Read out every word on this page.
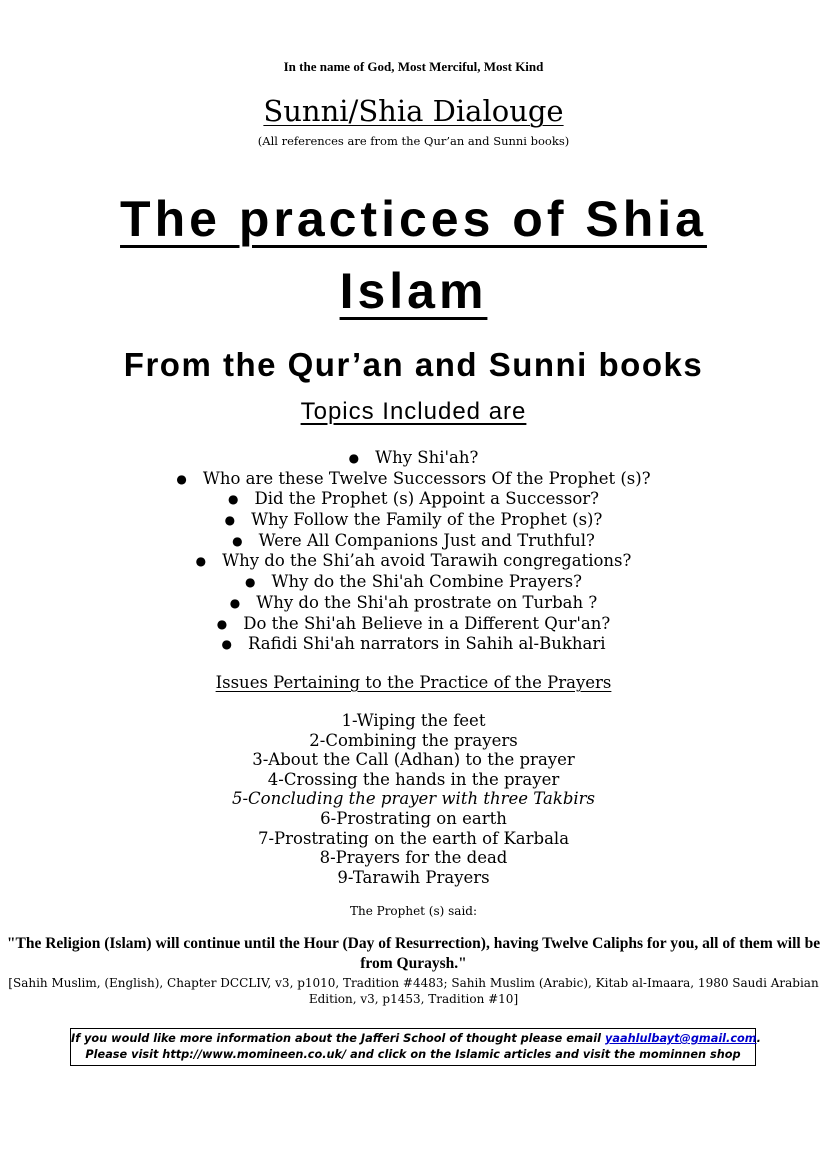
In the name of God, Most Merciful, Most Kind
Sunni/Shia Dialouge
(All references are from the Qur’an and Sunni books)
The practices of Shia
Islam
From the Qur’an and Sunni books
Topics Included are
● Why Shi'ah?
● Who are these Twelve Successors Of the Prophet (s)?
● Did the Prophet (s) Appoint a Successor?
● Why Follow the Family of the Prophet (s)?
● Were All Companions Just and Truthful?
● Why do the Shi’ah avoid Tarawih congregations?
● Why do the Shi'ah Combine Prayers?
● Why do the Shi'ah prostrate on Turbah ?
● Do the Shi'ah Believe in a Different Qur'an?
● Rafidi Shi'ah narrators in Sahih al-Bukhari
Issues Pertaining to the Practice of the Prayers
1-Wiping the feet
2-Combining the prayers
3-About the Call (Adhan) to the prayer
4-Crossing the hands in the prayer
5-Concluding the prayer with three Takbirs
6-Prostrating on earth
7-Prostrating on the earth of Karbala
8-Prayers for the dead
9-Tarawih Prayers
The Prophet (s) said:
"The Religion (Islam) will continue until the Hour (Day of Resurrection), having Twelve Caliphs for you, all of them will be from Quraysh."
[Sahih Muslim, (English), Chapter DCCLIV, v3, p1010, Tradition #4483; Sahih Muslim (Arabic), Kitab al-Imaara, 1980 Saudi Arabian Edition, v3, p1453, Tradition #10]
If you would like more information about the Jafferi School of thought please email yaahlulbayt@gmail.com.
Please visit http://www.momineen.co.uk/ and click on the Islamic articles and visit the mominnen shop
